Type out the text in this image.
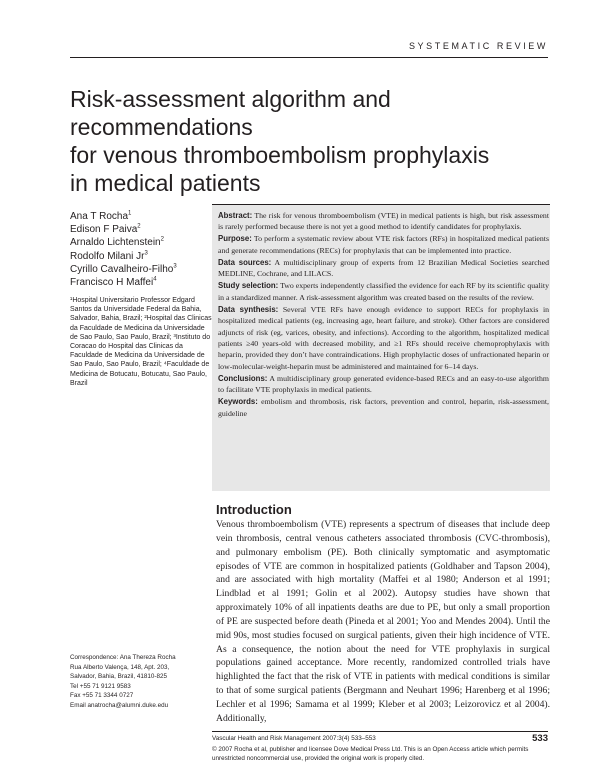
SYSTEMATIC REVIEW
Risk-assessment algorithm and recommendations
for venous thromboembolism prophylaxis
in medical patients
Ana T Rocha$^1$
Edison F Paiva$^2$
Arnaldo Lichtenstein$^2$
Rodolfo Milani Jr$^3$
Cyrillo Cavalheiro-Filho$^3$
Francisco H Maffei$^4$
¹Hospital Universitario Professor Edgard Santos da Universidade Federal da Bahia, Salvador, Bahia, Brazil; ²Hospital das Clinicas da Faculdade de Medicina da Universidade de Sao Paulo, Sao Paulo, Brazil; ³Instituto do Coracao do Hospital das Clinicas da Faculdade de Medicina da Universidade de Sao Paulo, Sao Paulo, Brazil; ⁴Faculdade de Medicina de Botucatu, Botucatu, Sao Paulo, Brazil
Correspondence: Ana Thereza Rocha
Rua Alberto Valença, 148, Apt. 203,
Salvador, Bahia, Brazil, 41810-825
Tel +55 71 9121 9583
Fax +55 71 3344 0727
Email anatrocha@alumni.duke.edu

Abstract: The risk for venous thromboembolism (VTE) in medical patients is high, but risk assessment is rarely performed because there is not yet a good method to identify candidates for prophylaxis.

Purpose: To perform a systematic review about VTE risk factors (RFs) in hospitalized medical patients and generate recommendations (RECs) for prophylaxis that can be implemented into practice.

Data sources: A multidisciplinary group of experts from 12 Brazilian Medical Societies searched MEDLINE, Cochrane, and LILACS.

Study selection: Two experts independently classified the evidence for each RF by its scientific quality in a standardized manner. A risk-assessment algorithm was created based on the results of the review.

Data synthesis: Several VTE RFs have enough evidence to support RECs for prophylaxis in hospitalized medical patients (eg, increasing age, heart failure, and stroke). Other factors are considered adjuncts of risk (eg, varices, obesity, and infections). According to the algorithm, hospitalized medical patients ≥40 years-old with decreased mobility, and ≥1 RFs should receive chemoprophylaxis with heparin, provided they don’t have contraindications. High prophylactic doses of unfractionated heparin or low-molecular-weight-heparin must be administered and maintained for 6–14 days.

Conclusions: A multidisciplinary group generated evidence-based RECs and an easy-to-use algorithm to facilitate VTE prophylaxis in medical patients.

Keywords: embolism and thrombosis, risk factors, prevention and control, heparin, risk-assessment, guideline

Introduction

Venous thromboembolism (VTE) represents a spectrum of diseases that include deep vein thrombosis, central venous catheters associated thrombosis (CVC-thrombosis), and pulmonary embolism (PE). Both clinically symptomatic and asymptomatic episodes of VTE are common in hospitalized patients (Goldhaber and Tapson 2004), and are associated with high mortality (Maffei et al 1980; Anderson et al 1991; Lindblad et al 1991; Golin et al 2002). Autopsy studies have shown that approximately 10% of all inpatients deaths are due to PE, but only a small proportion of PE are suspected before death (Pineda et al 2001; Yoo and Mendes 2004). Until the mid 90s, most studies focused on surgical patients, given their high incidence of VTE. As a consequence, the notion about the need for VTE prophylaxis in surgical populations gained acceptance. More recently, randomized controlled trials have highlighted the fact that the risk of VTE in patients with medical conditions is similar to that of some surgical patients (Bergmann and Neuhart 1996; Harenberg et al 1996; Lechler et al 1996; Samama et al 1999; Kleber et al 2003; Leizorovicz et al 2004). Additionally,

Vascular Health and Risk Management 2007:3(4) 533–553	533
© 2007 Rocha et al, publisher and licensee Dove Medical Press Ltd. This is an Open Access article which permits unrestricted noncommercial use, provided the original work is properly cited.
